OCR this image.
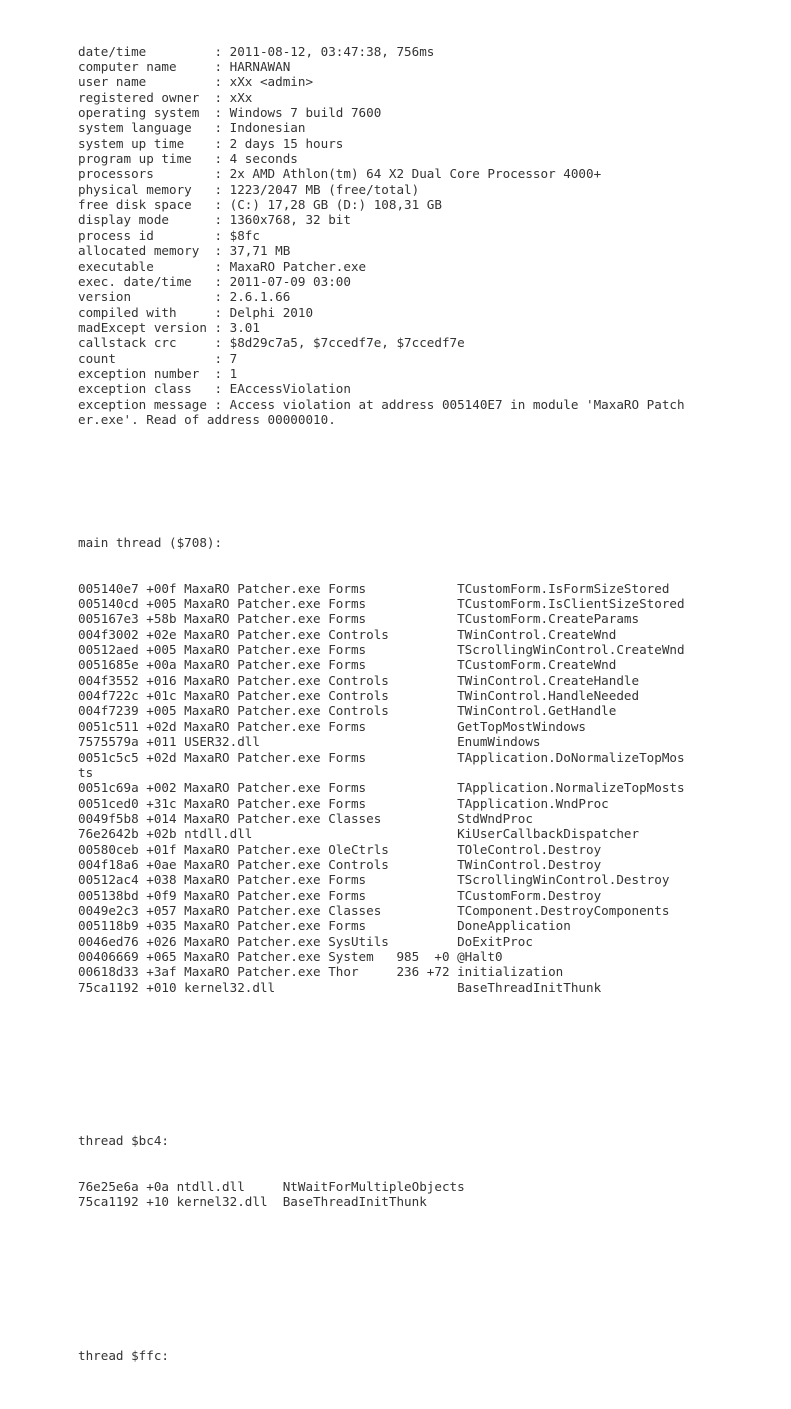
date/time         : 2011-08-12, 03:47:38, 756ms
computer name     : HARNAWAN
user name         : xXx <admin>
registered owner  : xXx
operating system  : Windows 7 build 7600
system language   : Indonesian
system up time    : 2 days 15 hours
program up time   : 4 seconds
processors        : 2x AMD Athlon(tm) 64 X2 Dual Core Processor 4000+
physical memory   : 1223/2047 MB (free/total)
free disk space   : (C:) 17,28 GB (D:) 108,31 GB
display mode      : 1360x768, 32 bit
process id        : $8fc
allocated memory  : 37,71 MB
executable        : MaxaRO Patcher.exe
exec. date/time   : 2011-07-09 03:00
version           : 2.6.1.66
compiled with     : Delphi 2010
madExcept version : 3.01
callstack crc     : $8d29c7a5, $7ccedf7e, $7ccedf7e
count             : 7
exception number  : 1
exception class   : EAccessViolation
exception message : Access violation at address 005140E7 in module 'MaxaRO Patch
er.exe'. Read of address 00000010.

main thread ($708):

005140e7 +00f MaxaRO Patcher.exe Forms            TCustomForm.IsFormSizeStored
005140cd +005 MaxaRO Patcher.exe Forms            TCustomForm.IsClientSizeStored
005167e3 +58b MaxaRO Patcher.exe Forms            TCustomForm.CreateParams
004f3002 +02e MaxaRO Patcher.exe Controls         TWinControl.CreateWnd
00512aed +005 MaxaRO Patcher.exe Forms            TScrollingWinControl.CreateWnd
0051685e +00a MaxaRO Patcher.exe Forms            TCustomForm.CreateWnd
004f3552 +016 MaxaRO Patcher.exe Controls         TWinControl.CreateHandle
004f722c +01c MaxaRO Patcher.exe Controls         TWinControl.HandleNeeded
004f7239 +005 MaxaRO Patcher.exe Controls         TWinControl.GetHandle
0051c511 +02d MaxaRO Patcher.exe Forms            GetTopMostWindows
7575579a +011 USER32.dll                          EnumWindows
0051c5c5 +02d MaxaRO Patcher.exe Forms            TApplication.DoNormalizeTopMos
ts
0051c69a +002 MaxaRO Patcher.exe Forms            TApplication.NormalizeTopMosts
0051ced0 +31c MaxaRO Patcher.exe Forms            TApplication.WndProc
0049f5b8 +014 MaxaRO Patcher.exe Classes          StdWndProc
76e2642b +02b ntdll.dll                           KiUserCallbackDispatcher
00580ceb +01f MaxaRO Patcher.exe OleCtrls         TOleControl.Destroy
004f18a6 +0ae MaxaRO Patcher.exe Controls         TWinControl.Destroy
00512ac4 +038 MaxaRO Patcher.exe Forms            TScrollingWinControl.Destroy
005138bd +0f9 MaxaRO Patcher.exe Forms            TCustomForm.Destroy
0049e2c3 +057 MaxaRO Patcher.exe Classes          TComponent.DestroyComponents
005118b9 +035 MaxaRO Patcher.exe Forms            DoneApplication
0046ed76 +026 MaxaRO Patcher.exe SysUtils         DoExitProc
00406669 +065 MaxaRO Patcher.exe System   985  +0 @Halt0
00618d33 +3af MaxaRO Patcher.exe Thor     236 +72 initialization
75ca1192 +010 kernel32.dll                        BaseThreadInitThunk

thread $bc4:

76e25e6a +0a ntdll.dll     NtWaitForMultipleObjects
75ca1192 +10 kernel32.dll  BaseThreadInitThunk

thread $ffc:
